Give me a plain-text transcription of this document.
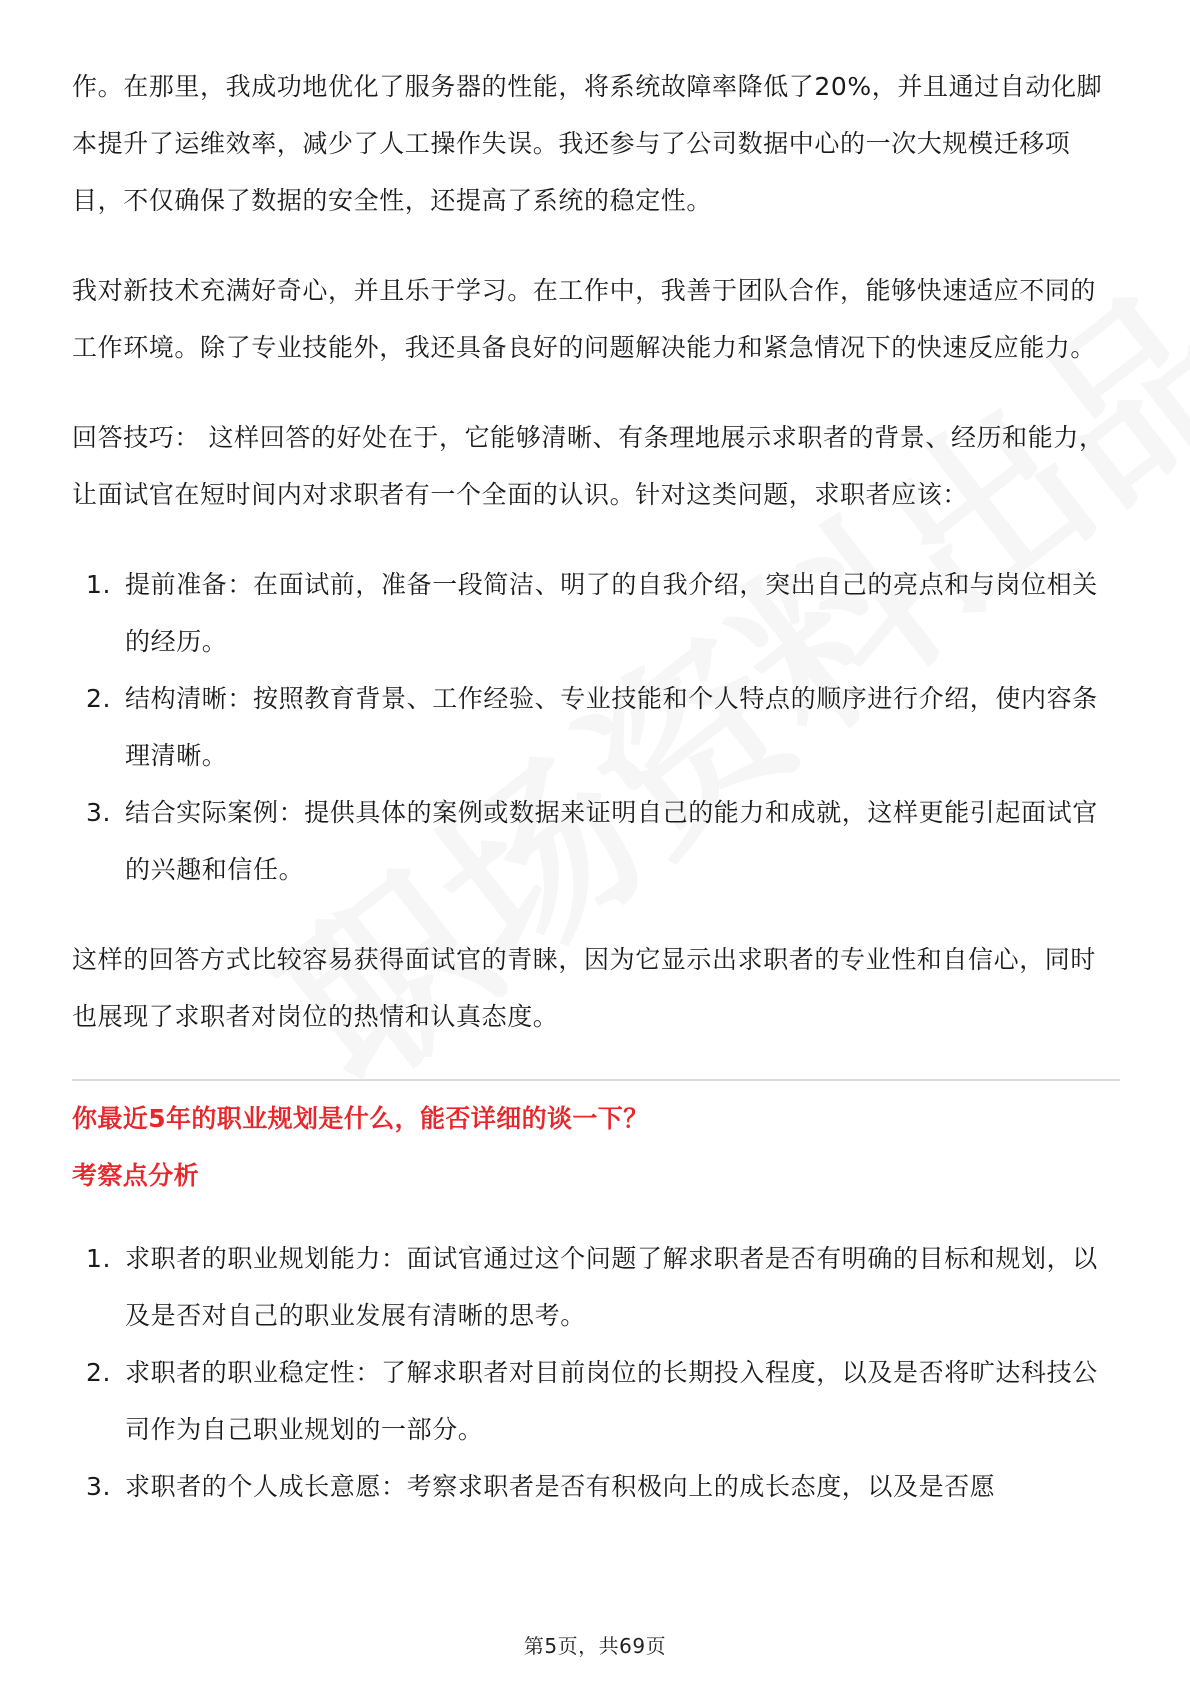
作。在那里，我成功地优化了服务器的性能，将系统故障率降低了20%，并且通过自动化脚本提升了运维效率，减少了人工操作失误。我还参与了公司数据中心的一次大规模迁移项目，不仅确保了数据的安全性，还提高了系统的稳定性。

我对新技术充满好奇心，并且乐于学习。在工作中，我善于团队合作，能够快速适应不同的工作环境。除了专业技能外，我还具备良好的问题解决能力和紧急情况下的快速反应能力。

回答技巧： 这样回答的好处在于，它能够清晰、有条理地展示求职者的背景、经历和能力，让面试官在短时间内对求职者有一个全面的认识。针对这类问题，求职者应该：

1. 提前准备：在面试前，准备一段简洁、明了的自我介绍，突出自己的亮点和与岗位相关的经历。
2. 结构清晰：按照教育背景、工作经验、专业技能和个人特点的顺序进行介绍，使内容条理清晰。
3. 结合实际案例：提供具体的案例或数据来证明自己的能力和成就，这样更能引起面试官的兴趣和信任。

这样的回答方式比较容易获得面试官的青睐，因为它显示出求职者的专业性和自信心，同时也展现了求职者对岗位的热情和认真态度。

你最近5年的职业规划是什么，能否详细的谈一下？

考察点分析

1. 求职者的职业规划能力：面试官通过这个问题了解求职者是否有明确的目标和规划，以及是否对自己的职业发展有清晰的思考。
2. 求职者的职业稳定性：了解求职者对目前岗位的长期投入程度，以及是否将旷达科技公司作为自己职业规划的一部分。
3. 求职者的个人成长意愿：考察求职者是否有积极向上的成长态度，以及是否愿
第5页，共69页
